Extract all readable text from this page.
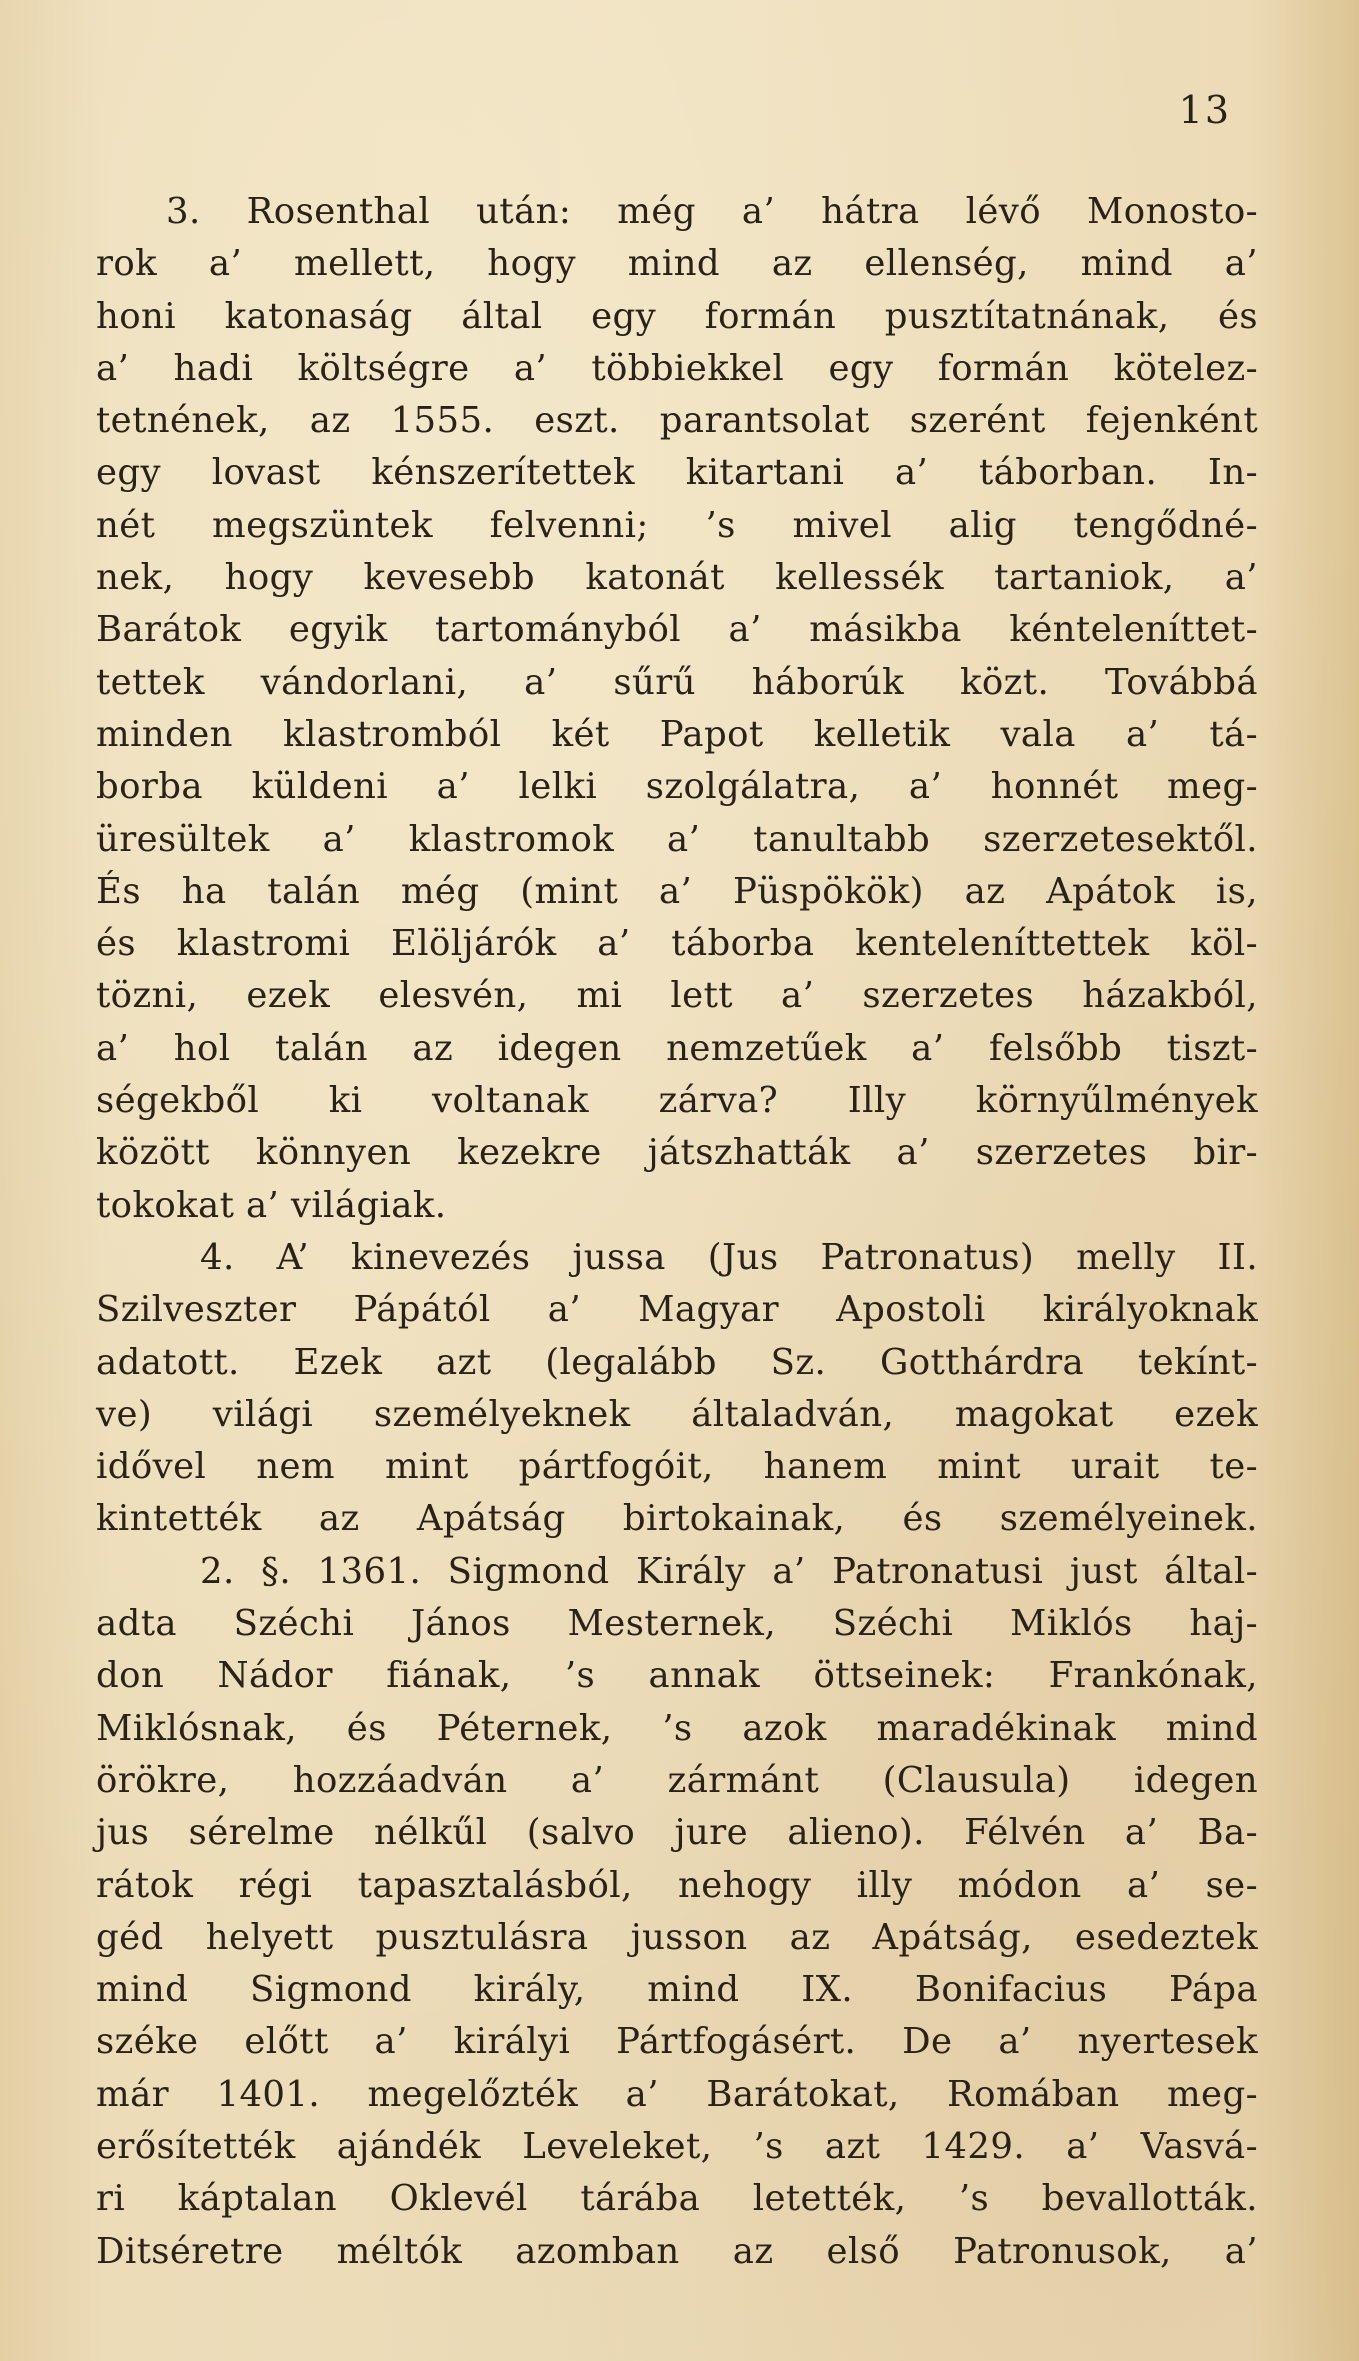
13
3. Rosenthal után: még a’ hátra lévő Monosto-
rok a’ mellett, hogy mind az ellenség, mind a’
honi katonaság által egy formán pusztítatnának, és
a’ hadi költségre a’ többiekkel egy formán kötelez-
tetnének, az 1555. eszt. parantsolat szerént fejenként
egy lovast kénszerítettek kitartani a’ táborban. In-
nét megszüntek felvenni; ’s mivel alig tengődné-
nek, hogy kevesebb katonát kellessék tartaniok, a’
Barátok egyik tartományból a’ másikba kénteleníttet-
tettek vándorlani, a’ sűrű háborúk közt. Továbbá
minden klastromból két Papot kelletik vala a’ tá-
borba küldeni a’ lelki szolgálatra, a’ honnét meg-
üresültek a’ klastromok a’ tanultabb szerzetesektől.
És ha talán még (mint a’ Püspökök) az Apátok is,
és klastromi Elöljárók a’ táborba kenteleníttettek köl-
tözni, ezek elesvén, mi lett a’ szerzetes házakból,
a’ hol talán az idegen nemzetűek a’ felsőbb tiszt-
ségekből ki voltanak zárva? Illy környűlmények
között könnyen kezekre játszhatták a’ szerzetes bir-
tokokat a’ világiak.
4. A’ kinevezés jussa (Jus Patronatus) melly II.
Szilveszter Pápától a’ Magyar Apostoli királyoknak
adatott. Ezek azt (legalább Sz. Gotthárdra tekínt-
ve) világi személyeknek általadván, magokat ezek
idővel nem mint pártfogóit, hanem mint urait te-
kintették az Apátság birtokainak, és személyeinek.
2. §. 1361. Sigmond Király a’ Patronatusi just által-
adta Széchi János Mesternek, Széchi Miklós haj-
don Nádor fiának, ’s annak öttseinek: Frankónak,
Miklósnak, és Péternek, ’s azok maradékinak mind
örökre, hozzáadván a’ zármánt (Clausula) idegen
jus sérelme nélkűl (salvo jure alieno). Félvén a’ Ba-
rátok régi tapasztalásból, nehogy illy módon a’ se-
géd helyett pusztulásra jusson az Apátság, esedeztek
mind Sigmond király, mind IX. Bonifacius Pápa
széke előtt a’ királyi Pártfogásért. De a’ nyertesek
már 1401. megelőzték a’ Barátokat, Romában meg-
erősítették ajándék Leveleket, ’s azt 1429. a’ Vasvá-
ri káptalan Oklevél tárába letették, ’s bevallották.
Ditséretre méltók azomban az első Patronusok, a’
